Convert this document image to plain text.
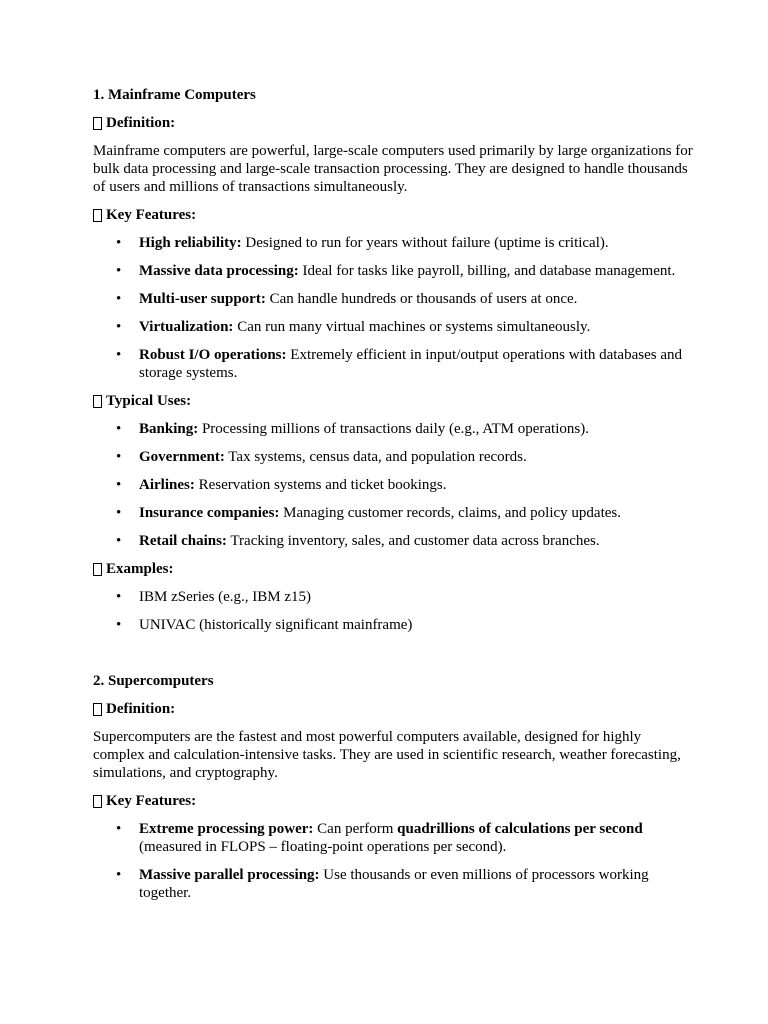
1. Mainframe Computers

Definition:

Mainframe computers are powerful, large-scale computers used primarily by large organizations for bulk data processing and large-scale transaction processing. They are designed to handle thousands of users and millions of transactions simultaneously.

Key Features:

•	High reliability: Designed to run for years without failure (uptime is critical).
•	Massive data processing: Ideal for tasks like payroll, billing, and database management.
•	Multi-user support: Can handle hundreds or thousands of users at once.
•	Virtualization: Can run many virtual machines or systems simultaneously.
•	Robust I/O operations: Extremely efficient in input/output operations with databases and storage systems.

Typical Uses:

•	Banking: Processing millions of transactions daily (e.g., ATM operations).
•	Government: Tax systems, census data, and population records.
•	Airlines: Reservation systems and ticket bookings.
•	Insurance companies: Managing customer records, claims, and policy updates.
•	Retail chains: Tracking inventory, sales, and customer data across branches.

Examples:

•	IBM zSeries (e.g., IBM z15)
•	UNIVAC (historically significant mainframe)

2. Supercomputers

Definition:

Supercomputers are the fastest and most powerful computers available, designed for highly complex and calculation-intensive tasks. They are used in scientific research, weather forecasting, simulations, and cryptography.

Key Features:

•	Extreme processing power: Can perform quadrillions of calculations per second (measured in FLOPS – floating-point operations per second).
•	Massive parallel processing: Use thousands or even millions of processors working together.
